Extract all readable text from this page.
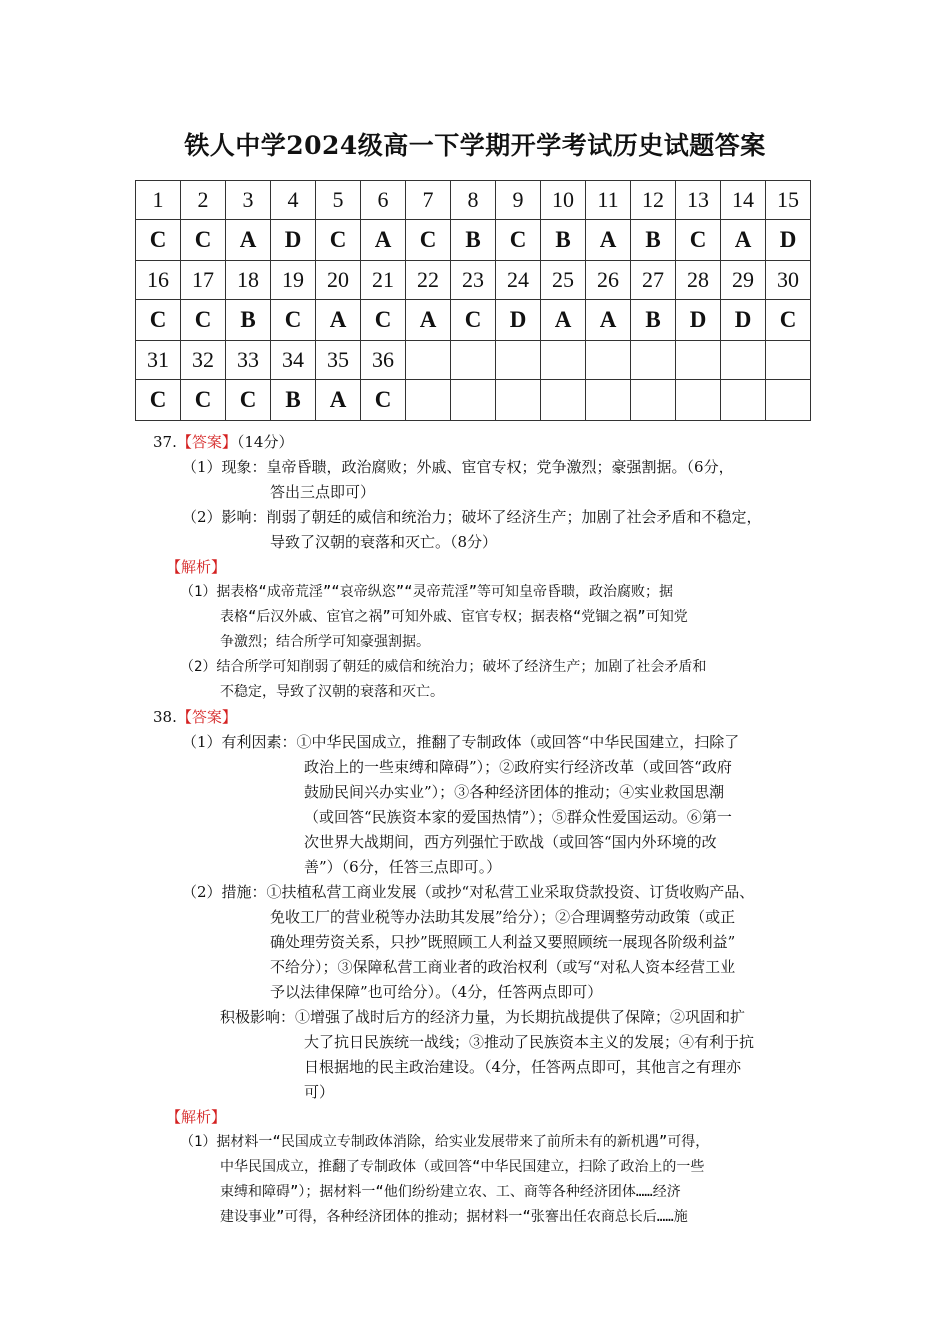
铁人中学2024级高一下学期开学考试历史试题答案
1	2	3	4	5	6	7	8	9	10	11	12	13	14	15
C	C	A	D	C	A	C	B	C	B	A	B	C	A	D
16	17	18	19	20	21	22	23	24	25	26	27	28	29	30
C	C	B	C	A	C	A	C	D	A	A	B	D	D	C
31	32	33	34	35	36									
C	C	C	B	A	C									
37.【答案】（14分）
（1）现象：皇帝昏聩，政治腐败；外戚、宦官专权；党争激烈；豪强割据。（6分，
答出三点即可）
（2）影响：削弱了朝廷的威信和统治力；破坏了经济生产；加剧了社会矛盾和不稳定，
导致了汉朝的衰落和灭亡。（8分）
【解析】
（1）据表格“成帝荒淫”“哀帝纵恣”“灵帝荒淫”等可知皇帝昏聩，政治腐败；据
表格“后汉外戚、宦官之祸”可知外戚、宦官专权；据表格“党锢之祸”可知党
争激烈；结合所学可知豪强割据。
（2）结合所学可知削弱了朝廷的威信和统治力；破坏了经济生产；加剧了社会矛盾和
不稳定，导致了汉朝的衰落和灭亡。
38.【答案】
（1）有利因素：①中华民国成立，推翻了专制政体（或回答“中华民国建立，扫除了
政治上的一些束缚和障碍”）；②政府实行经济改革（或回答“政府
鼓励民间兴办实业”）；③各种经济团体的推动；④实业救国思潮
（或回答“民族资本家的爱国热情”）；⑤群众性爱国运动。⑥第一
次世界大战期间，西方列强忙于欧战（或回答“国内外环境的改
善”）（6分，任答三点即可。）
（2）措施：①扶植私营工商业发展（或抄“对私营工业采取贷款投资、订货收购产品、
免收工厂的营业税等办法助其发展”给分）；②合理调整劳动政策（或正
确处理劳资关系，只抄”既照顾工人利益又要照顾统一展现各阶级利益”
不给分）；③保障私营工商业者的政治权利（或写“对私人资本经营工业
予以法律保障”也可给分）。（4分，任答两点即可）
积极影响：①增强了战时后方的经济力量，为长期抗战提供了保障；②巩固和扩
大了抗日民族统一战线；③推动了民族资本主义的发展；④有利于抗
日根据地的民主政治建设。（4分，任答两点即可，其他言之有理亦
可）
【解析】
（1）据材料一“民国成立专制政体消除，给实业发展带来了前所未有的新机遇”可得，
中华民国成立，推翻了专制政体（或回答“中华民国建立，扫除了政治上的一些
束缚和障碍”）；据材料一“他们纷纷建立农、工、商等各种经济团体……经济
建设事业”可得，各种经济团体的推动；据材料一“张謇出任农商总长后……施
